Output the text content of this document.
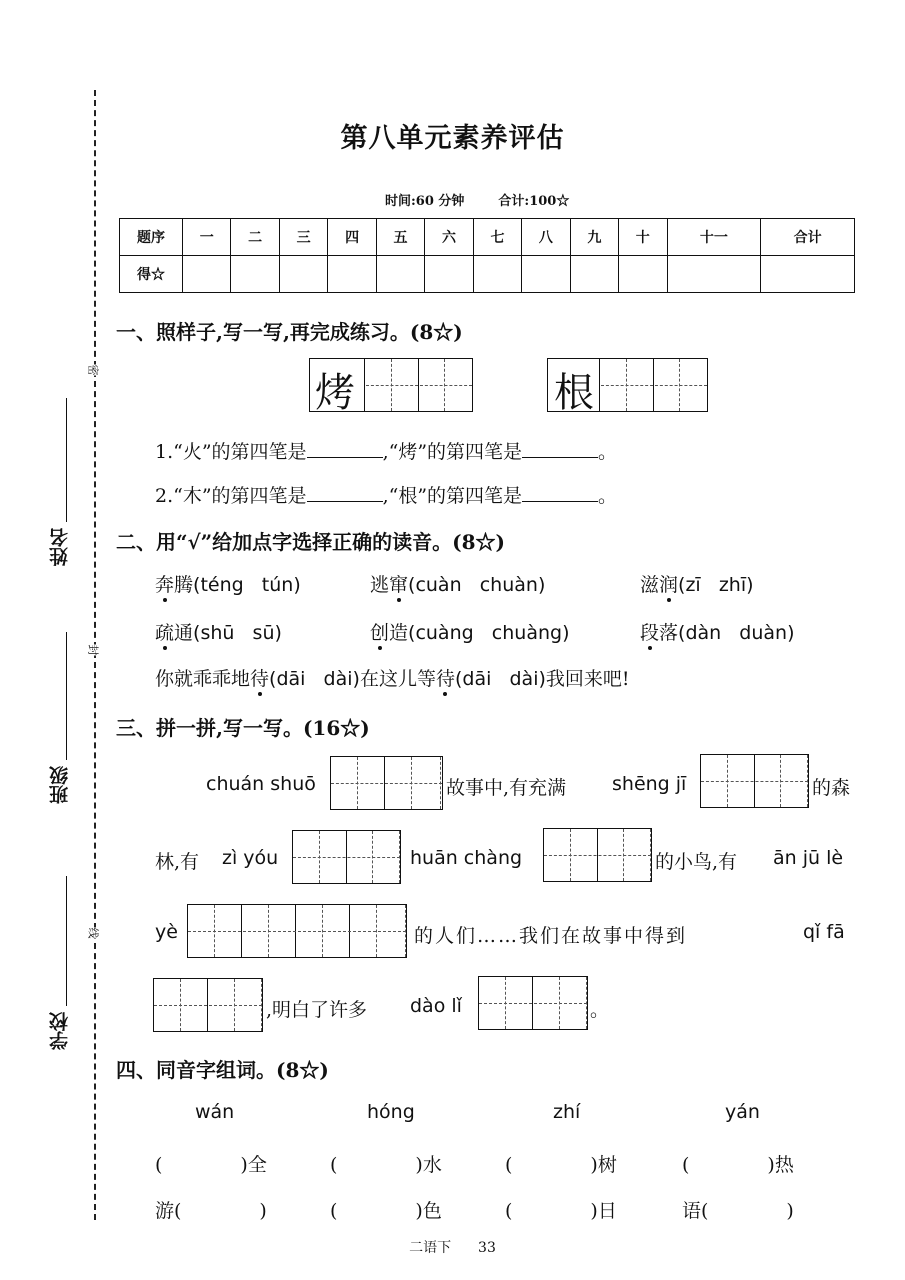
密
封
线
姓名
班级
学校
第八单元素养评估
时间:60 分钟	合计:100☆
题序	一	二	三	四	五	六	七	八	九	十	十一	合计
得☆												
一、照样子,写一写,再完成练习。(8☆)
烤	根
1.“火”的第四笔是	,“烤”的第四笔是	。
2.“木”的第四笔是	,“根”的第四笔是	。
二、用“√”给加点字选择正确的读音。(8☆)
奔腾(téng   tún)	逃窜(cuàn   chuàn)	滋润(zī   zhī)
疏通(shū   sū)	创造(cuàng   chuàng)	段落(dàn   duàn)
你就乖乖地待(dāi   dài)在这儿等待(dāi   dài)我回来吧!
三、拼一拼,写一写。(16☆)
chuán shuō	故事中,有充满 shēng jī	的森
林,有 zì yóu	huān chàng	的小鸟,有 ān jū lè
yè	的人们……我们在故事中得到	qǐ fā
,明白了许多 dào lǐ	。
四、同音字组词。(8☆)
wán	hóng	zhí	yán
(	)全	(	)水	(	)树	(	)热
游(	)	(	)色	(	)日	语(	)
二语下 33
